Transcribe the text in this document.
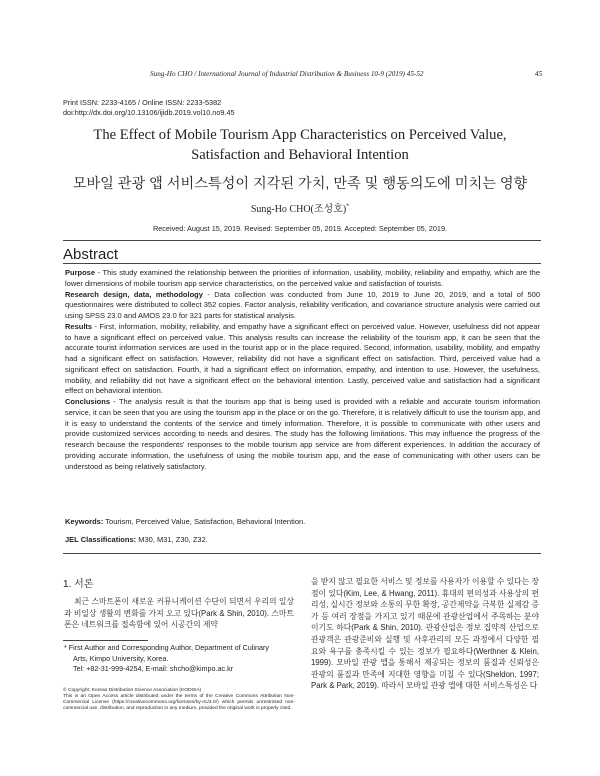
Sung-Ho CHO / International Journal of Industrial Distribution & Business 10-9 (2019) 45-52	45
Print ISSN: 2233-4165 / Online ISSN: 2233-5382
doi:http://dx.doi.org/10.13106/ijidb.2019.vol10.no9.45
The Effect of Mobile Tourism App Characteristics on Perceived Value,
Satisfaction and Behavioral Intention
모바일 관광 앱 서비스특성이 지각된 가치, 만족 및 행동의도에 미치는 영향
Sung-Ho CHO(조성호)*
Received: August 15, 2019. Revised: September 05, 2019. Accepted: September 05, 2019.
Abstract

Purpose - This study examined the relationship between the priorities of information, usability, mobility, reliability and empathy, which are the lower dimensions of mobile tourism app service characteristics, on the perceived value and satisfaction of tourists.

Research design, data, methodology - Data collection was conducted from June 10, 2019 to June 20, 2019, and a total of 500 questionnaires were distributed to collect 352 copies. Factor analysis, reliability verification, and covariance structure analysis were carried out using SPSS 23.0 and AMOS 23.0 for 321 parts for statistical analysis.

Results - First, information, mobility, reliability, and empathy have a significant effect on perceived value. However, usefulness did not appear to have a significant effect on perceived value. This analysis results can increase the reliability of the tourism app, it can be seen that the accurate tourist information services are used in the tourist app or in the place required. Second, information, usability, mobility, and empathy had a significant effect on satisfaction. However, reliability did not have a significant effect on satisfaction. Third, perceived value had a significant effect on satisfaction. Fourth, it had a significant effect on information, empathy, and intention to use. However, the usefulness, mobility, and reliability did not have a significant effect on the behavioral intention. Lastly, perceived value and satisfaction had a significant effect on behavioral intention.

Conclusions - The analysis result is that the tourism app that is being used is provided with a reliable and accurate tourism information service, it can be seen that you are using the tourism app in the place or on the go. Therefore, it is relatively difficult to use the tourism app, and it is easy to understand the contents of the service and timely information. Therefore, it is possible to communicate with other users and provide customized services according to needs and desires. The study has the following limitations. This may influence the progress of the research because the respondents' responses to the mobile tourism app service are from different experiences. In addition the accuracy of providing accurate information, the usefulness of using the mobile tourism app, and the ease of communicating with other users can be understood as being relatively satisfactory.

Keywords: Tourism, Perceived Value, Satisfaction, Behavioral Intention.
JEL Classifications: M30, M31, Z30, Z32.
1. 서론

최근 스마트폰이 새로운 커뮤니케이션 수단이 되면서 우리의 일상과 비일상 생활의 변화를 가져 오고 있다(Park & Shin, 2010). 스마트폰은 네트워크를 접속함에 있어 시공간의 제약

* First Author and Corresponding Author, Department of Culinary
Arts, Kimpo University, Korea.
Tel: +82-31-999-4254, E-mail: shcho@kimpo.ac.kr
© Copyright: Korean Distribution Science Association (KODISA)
This is an Open Access article distributed under the terms of the Creative Commons Attribution Non-Commercial License (https://creativecommons.org/licenses/by-nc/4.0/) which permits unrestricted non-commercial use, distribution, and reproduction in any medium, provided the original work is properly cited.

을 받지 않고 필요한 서비스 및 정보를 사용자가 이용할 수 있다는 장점이 있다(Kim, Lee, & Hwang, 2011). 휴대의 편의성과 사용상의 편리성, 실시간 정보와 소통의 무한 확장, 공간제약을 극복한 실제감 증가 등 여러 장점을 가지고 있기 때문에 관광산업에서 주목하는 분야이기도 하다(Park & Shin, 2010). 관광산업은 정보 집약적 산업으로 관광객은 관광준비와 실행 및 사후관리의 모든 과정에서 다양한 필요와 욕구를 충족시킬 수 있는 정보가 필요하다(Werthner & Klein, 1999). 모바일 관광 앱을 통해서 제공되는 정보의 품질과 신뢰성은 관광의 품질과 만족에 지대한 영향을 미칠 수 있다(Sheldon, 1997; Park & Park, 2019). 따라서 모바일 관광 앱에 대한 서비스특성은 다
